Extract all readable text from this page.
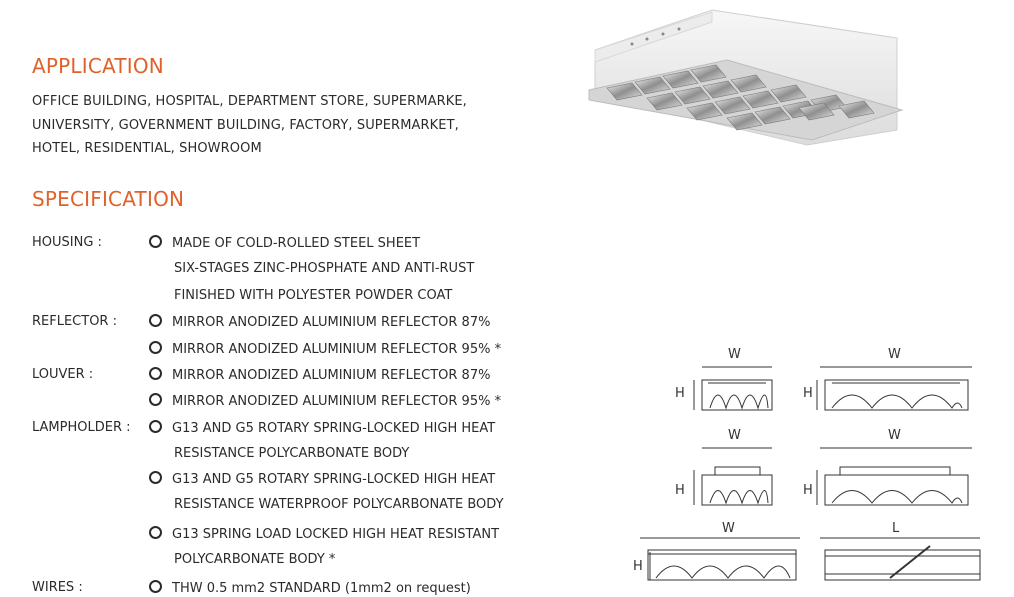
APPLICATION
OFFICE BUILDING, HOSPITAL, DEPARTMENT STORE, SUPERMARKE,
UNIVERSITY, GOVERNMENT BUILDING, FACTORY, SUPERMARKET,
HOTEL, RESIDENTIAL, SHOWROOM
SPECIFICATION
HOUSING :	MADE OF COLD-ROLLED STEEL SHEET
SIX-STAGES ZINC-PHOSPHATE AND ANTI-RUST
FINISHED WITH POLYESTER POWDER COAT
REFLECTOR :	MIRROR ANODIZED ALUMINIUM REFLECTOR 87%
MIRROR ANODIZED ALUMINIUM REFLECTOR 95% *
LOUVER :	MIRROR ANODIZED ALUMINIUM REFLECTOR 87%
MIRROR ANODIZED ALUMINIUM REFLECTOR 95% *
LAMPHOLDER :	G13 AND G5 ROTARY SPRING-LOCKED HIGH HEAT
RESISTANCE POLYCARBONATE BODY
G13 AND G5 ROTARY SPRING-LOCKED HIGH HEAT
RESISTANCE WATERPROOF POLYCARBONATE BODY
G13 SPRING LOAD LOCKED HIGH HEAT RESISTANT
POLYCARBONATE BODY *
WIRES :	THW 0.5 mm2 STANDARD (1mm2 on request)
W	W
H	H
W	W
H	H
W	L
H
